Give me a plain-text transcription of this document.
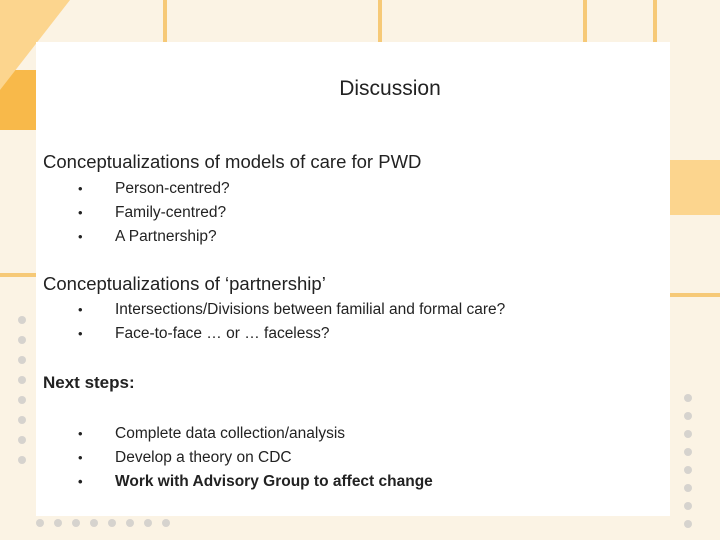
Discussion
Conceptualizations of models of care for PWD
• Person-centred?
• Family-centred?
• A Partnership?
Conceptualizations of ‘partnership’
• Intersections/Divisions between familial and formal care?
• Face-to-face … or … faceless?
Next steps:
• Complete data collection/analysis
• Develop a theory on CDC
• Work with Advisory Group to affect change
